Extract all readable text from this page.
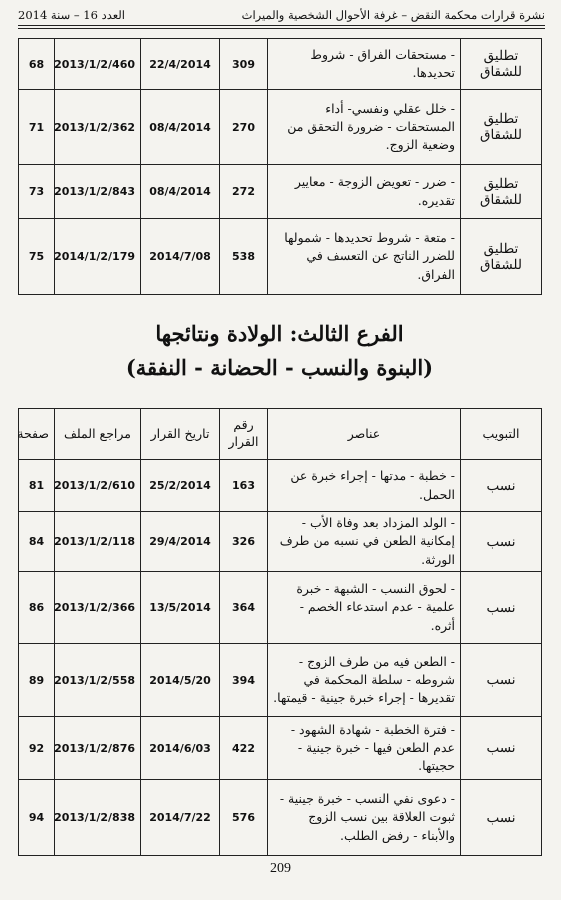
نشرة قرارات محكمة النقض – غرفة الأحوال الشخصية والميراث
العدد 16 – سنة 2014
تطليق للشقاق	- مستحقات الفراق - شروط تحديدها.	309	22/4/2014	2013/1/2/460	68
تطليق للشقاق	- خلل عقلي ونفسي- أداء المستحقات - ضرورة التحقق من وضعية الزوج.	270	08/4/2014	2013/1/2/362	71
تطليق للشقاق	- ضرر - تعويض الزوجة - معايير تقديره.	272	08/4/2014	2013/1/2/843	73
تطليق للشقاق	- متعة - شروط تحديدها - شمولها للضرر الناتج عن التعسف في الفراق.	538	2014/7/08	2014/1/2/179	75
الفرع الثالث: الولادة ونتائجها
(البنوة والنسب - الحضانة - النفقة)
التبويب	عناصر	رقم القرار	تاريخ القرار	مراجع الملف	صفحة
نسب	- خطبة - مدتها - إجراء خبرة عن الحمل.	163	25/2/2014	2013/1/2/610	81
نسب	- الولد المزداد بعد وفاة الأب - إمكانية الطعن في نسبه من طرف الورثة.	326	29/4/2014	2013/1/2/118	84
نسب	- لحوق النسب - الشبهة - خبرة علمية - عدم استدعاء الخصم - أثره.	364	13/5/2014	2013/1/2/366	86
نسب	- الطعن فيه من طرف الزوج - شروطه - سلطة المحكمة في تقديرها - إجراء خبرة جينية - قيمتها.	394	2014/5/20	2013/1/2/558	89
نسب	- فترة الخطبة - شهادة الشهود - عدم الطعن فيها - خبرة جينية - حجيتها.	422	2014/6/03	2013/1/2/876	92
نسب	- دعوى نفي النسب - خبرة جينية - ثبوت العلاقة بين نسب الزوج والأبناء - رفض الطلب.	576	2014/7/22	2013/1/2/838	94
209
